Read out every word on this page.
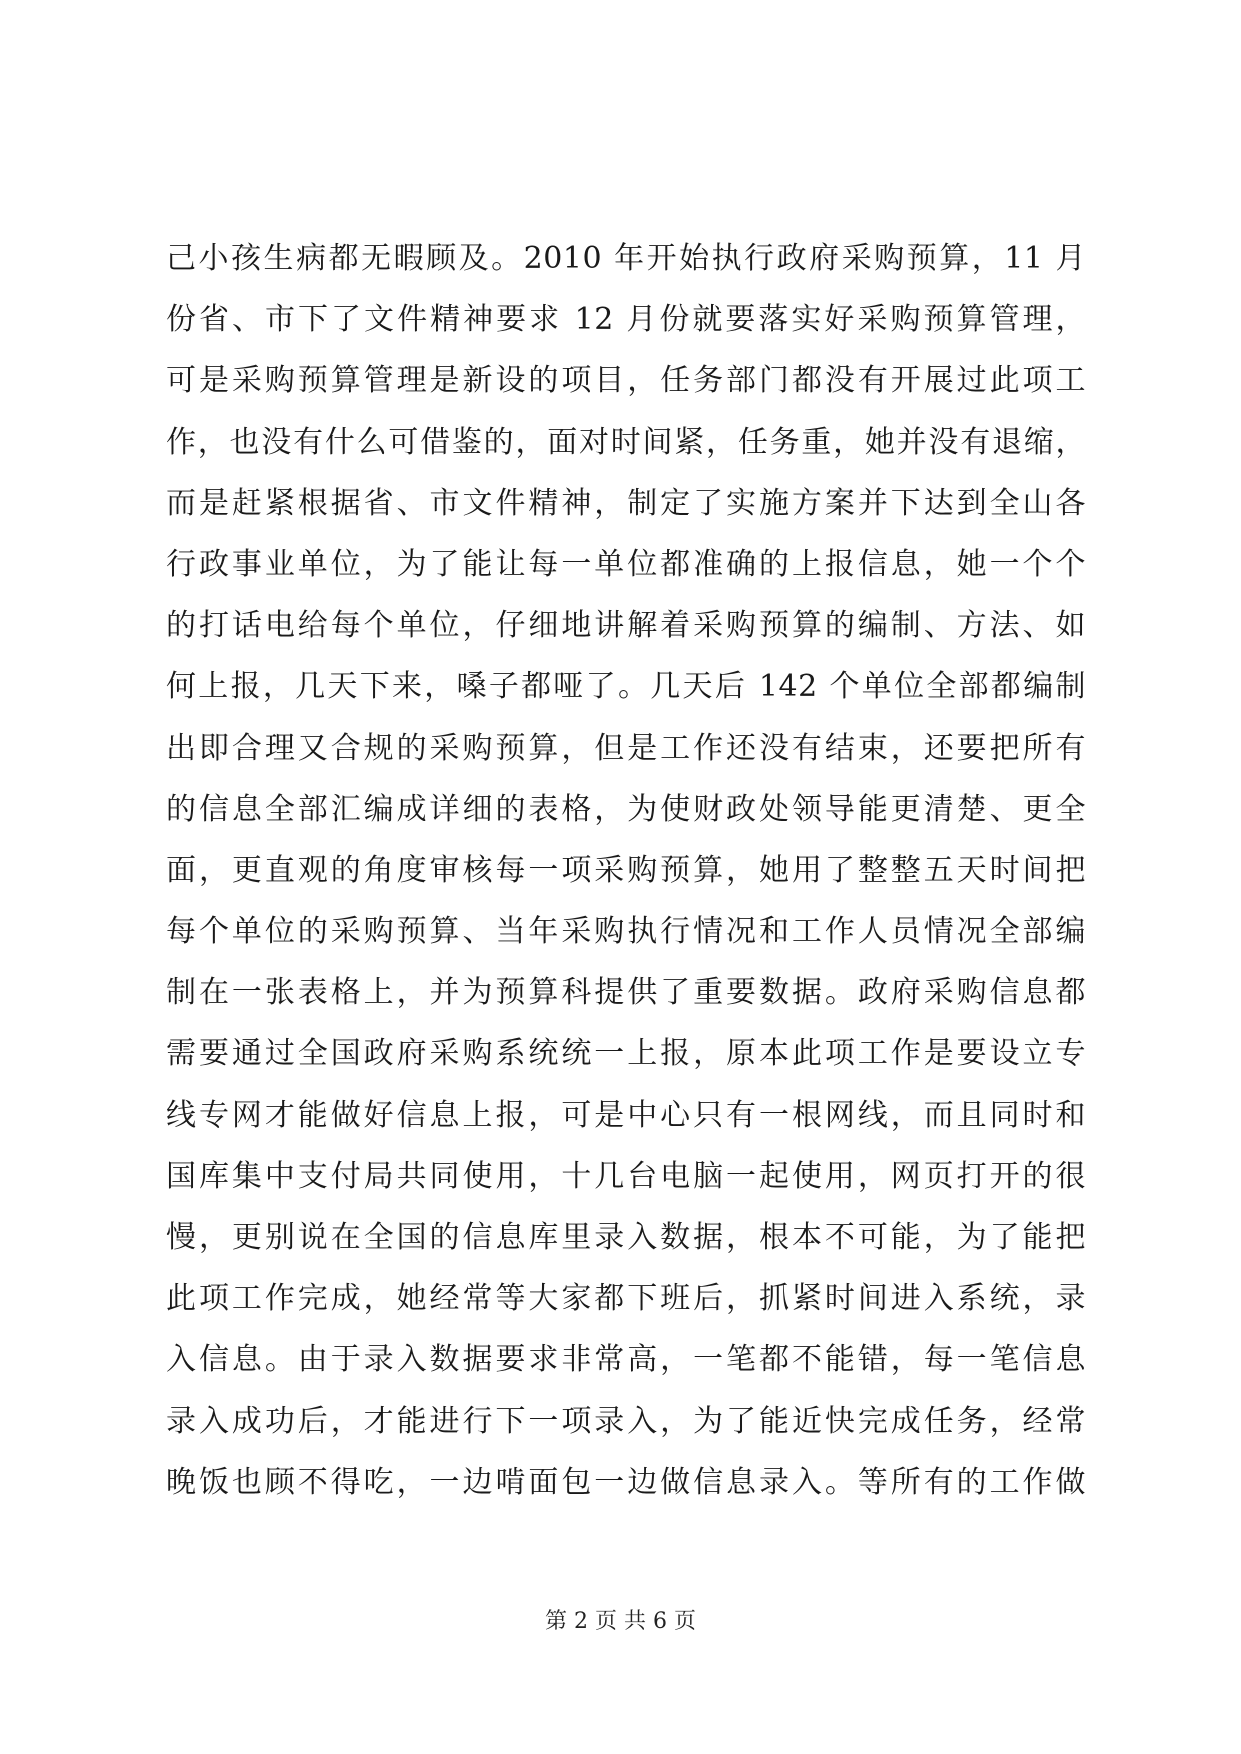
己小孩生病都无暇顾及。2010 年开始执行政府采购预算，11 月
份省、市下了文件精神要求 12 月份就要落实好采购预算管理，
可是采购预算管理是新设的项目，任务部门都没有开展过此项工
作，也没有什么可借鉴的，面对时间紧，任务重，她并没有退缩，
而是赶紧根据省、市文件精神，制定了实施方案并下达到全山各
行政事业单位，为了能让每一单位都准确的上报信息，她一个个
的打话电给每个单位，仔细地讲解着采购预算的编制、方法、如
何上报，几天下来，嗓子都哑了。几天后 142 个单位全部都编制
出即合理又合规的采购预算，但是工作还没有结束，还要把所有
的信息全部汇编成详细的表格，为使财政处领导能更清楚、更全
面，更直观的角度审核每一项采购预算，她用了整整五天时间把
每个单位的采购预算、当年采购执行情况和工作人员情况全部编
制在一张表格上，并为预算科提供了重要数据。政府采购信息都
需要通过全国政府采购系统统一上报，原本此项工作是要设立专
线专网才能做好信息上报，可是中心只有一根网线，而且同时和
国库集中支付局共同使用，十几台电脑一起使用，网页打开的很
慢，更别说在全国的信息库里录入数据，根本不可能，为了能把
此项工作完成，她经常等大家都下班后，抓紧时间进入系统，录
入信息。由于录入数据要求非常高，一笔都不能错，每一笔信息
录入成功后，才能进行下一项录入，为了能近快完成任务，经常
晚饭也顾不得吃，一边啃面包一边做信息录入。等所有的工作做
第 2 页 共 6 页
